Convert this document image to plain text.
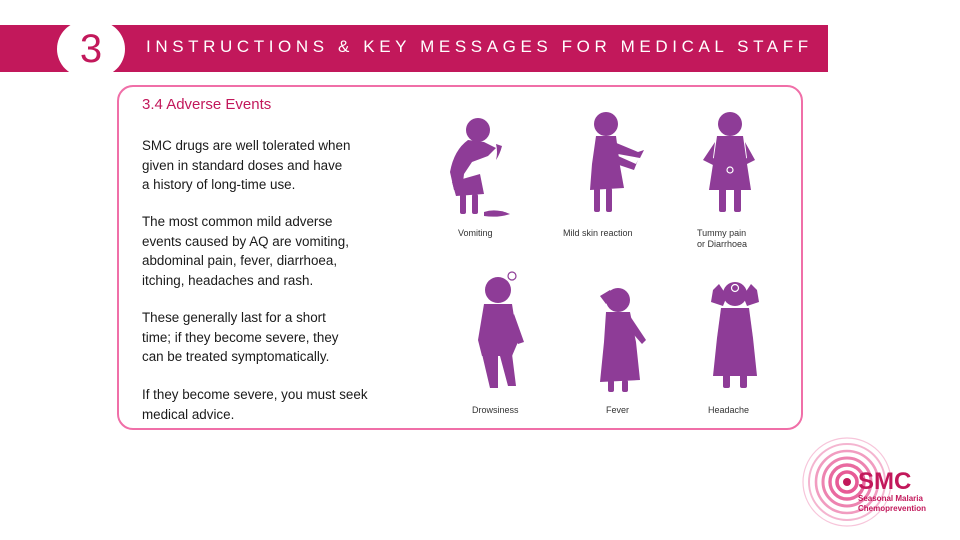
INSTRUCTIONS & KEY MESSAGES FOR MEDICAL STAFF
3
3.4 Adverse Events
SMC drugs are well tolerated when
given in standard doses and have
a history of long-time use.
The most common mild adverse
events caused by AQ are vomiting,
abdominal pain, fever, diarrhoea,
itching, headaches and rash.
These generally last for a short
time; if they become severe, they
can be treated symptomatically.
If they become severe, you must seek
medical advice.
Vomiting	Mild skin reaction	Tummy pain
or Diarrhoea
Drowsiness	Fever	Headache
SMC
Seasonal Malaria
Chemoprevention
